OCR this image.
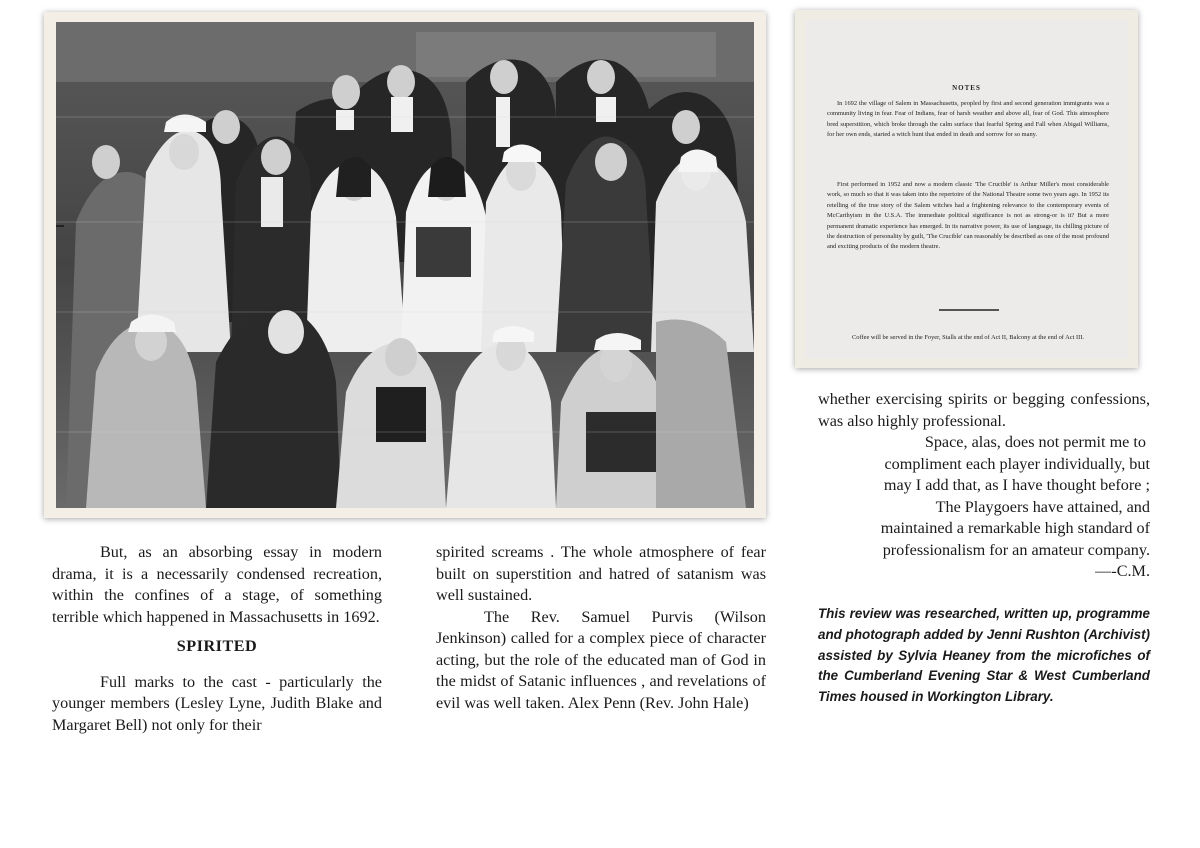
NOTES

In 1692 the village of Salem in Massachusetts, peopled by first and second generation immigrants was a community living in fear. Fear of Indians, fear of harsh weather and above all, fear of God. This atmosphere bred superstition, which broke through the calm surface that fearful Spring and Fall when Abigail Williams, for her own ends, started a witch hunt that ended in death and sorrow for so many.

First performed in 1952 and now a modern classic 'The Crucible' is Arthur Miller's most considerable work, so much so that it was taken into the repertoire of the National Theatre some two years ago. In 1952 its retelling of the true story of the Salem witches had a frightening relevance to the contemporary events of McCarthyism in the U.S.A. The immediate political significance is not as strong-or is it? But a more permanent dramatic experience has emerged. In its narrative power, its use of language, its chilling picture of the destruction of personality by guilt, 'The Crucible' can reasonably be described as one of the most profound and exciting products of the modern theatre.

Coffee will be served in the Foyer, Stalls at the end of Act II, Balcony at the end of Act III.

But, as an absorbing essay in modern drama, it is a necessarily condensed recreation, within the confines of a stage, of something terrible which happened in Massachusetts in 1692.

SPIRITED

Full marks to the cast - particularly the younger members (Lesley Lyne, Judith Blake and Margaret Bell) not only for their

spirited screams . The whole atmosphere of fear built on superstition and hatred of satanism was well sustained.

The Rev. Samuel Purvis (Wilson Jenkinson) called for a complex piece of character acting, but the role of the educated man of God in the midst of Satanic influences , and revelations of evil was well taken. Alex Penn (Rev. John Hale)

whether exercising spirits or begging confessions, was also highly professional.

Space, alas, does not permit me to

compliment each player individually, but

may I add that, as I have thought before ;

The Playgoers have attained, and

maintained a remarkable high standard of

professionalism for an amateur company.

—-C.M.

This review was researched, written up, programme and photograph added by Jenni Rushton (Archivist) assisted by Sylvia Heaney from the microfiches of the Cumberland Evening Star & West Cumberland Times housed in Workington Library.
